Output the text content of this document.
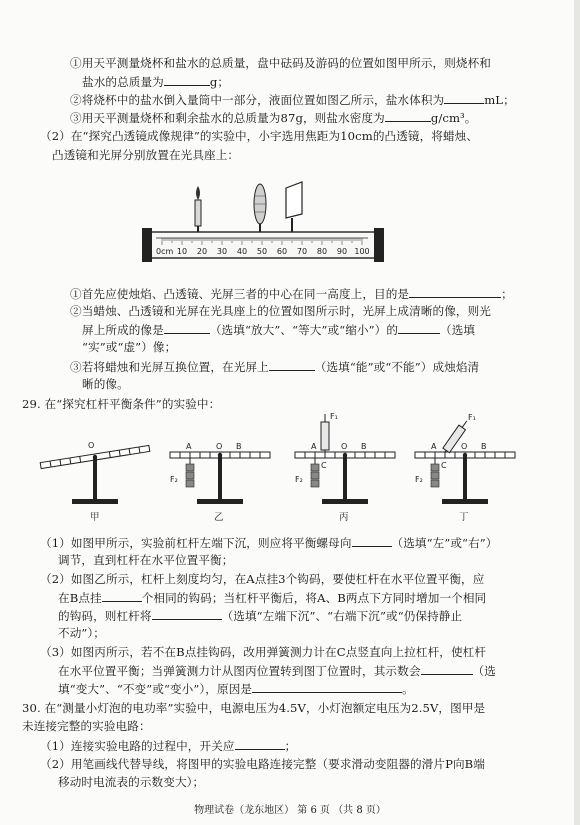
①用天平测量烧杯和盐水的总质量，盘中砝码及游码的位置如图甲所示，则烧杯和
盐水的总质量为	g；
②将烧杯中的盐水倒入量筒中一部分，液面位置如图乙所示，盐水体积为	mL；
③用天平测量烧杯和剩余盐水的总质量为87g，则盐水密度为	g/cm³。
（2）在“探究凸透镜成像规律”的实验中，小宇选用焦距为10cm的凸透镜，将蜡烛、
凸透镜和光屏分别放置在光具座上：
0cm 10 20 30 40 50 60 70 80 90 100
①首先应使烛焰、凸透镜、光屏三者的中心在同一高度上，目的是	；
②当蜡烛、凸透镜和光屏在光具座上的位置如图所示时，光屏上成清晰的像，则光
屏上所成的像是	（选填“放大”、“等大”或“缩小”）的	（选填
“实”或“虚”）像；
③若将蜡烛和光屏互换位置，在光屏上	（选填“能”或“不能”）成烛焰清
晰的像。
29. 在“探究杠杆平衡条件”的实验中：
O
甲
A	O B
F₂
乙
A	O B
C
F₁
F₂
丙
A	O B
C
F₁
F₂
丁
（1）如图甲所示，实验前杠杆左端下沉，则应将平衡螺母向	（选填“左”或“右”）
调节，直到杠杆在水平位置平衡；
（2）如图乙所示，杠杆上刻度均匀，在A点挂3个钩码，要使杠杆在水平位置平衡，应
在B点挂	个相同的钩码；当杠杆平衡后，将A、B两点下方同时增加一个相同
的钩码，则杠杆将	（选填“左端下沉”、“右端下沉”或“仍保持静止
不动”）；
（3）如图丙所示，若不在B点挂钩码，改用弹簧测力计在C点竖直向上拉杠杆，使杠杆
在水平位置平衡；当弹簧测力计从图丙位置转到图丁位置时，其示数会	（选
填“变大”、“不变”或“变小”），原因是	。
30. 在“测量小灯泡的电功率”实验中，电源电压为4.5V，小灯泡额定电压为2.5V，图甲是
未连接完整的实验电路：
（1）连接实验电路的过程中，开关应	；
（2）用笔画线代替导线，将图甲的实验电路连接完整（要求滑动变阻器的滑片P向B端
移动时电流表的示数变大）；
物理试卷（龙东地区） 第 6 页 （共 8 页）
